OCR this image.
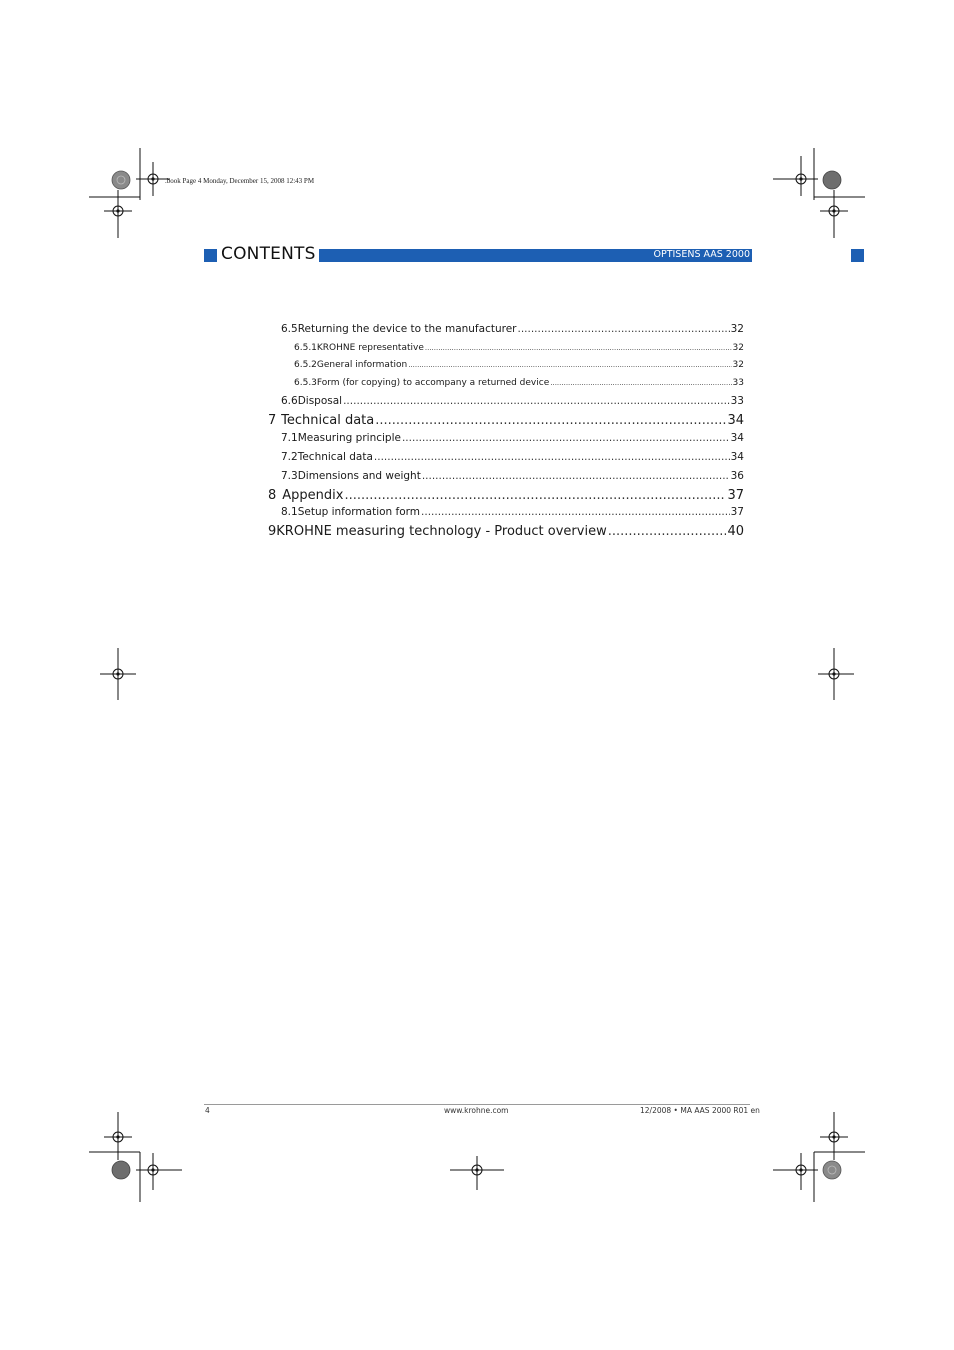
.book Page 4 Monday, December 15, 2008 12:43 PM
CONTENTS	OPTISENS AAS 2000
6.5 Returning the device to the manufacturer .....	32
6.5.1 KROHNE representative .....	32
6.5.2 General information .....	32
6.5.3 Form (for copying) to accompany a returned device .....	33
6.6 Disposal .....	33
7 Technical data .....	34
7.1 Measuring principle .....	34
7.2 Technical data .....	34
7.3 Dimensions and weight .....	36
8 Appendix .....	37
8.1 Setup information form .....	37
9 KROHNE measuring technology - Product overview .....	40
4	www.krohne.com	12/2008 • MA AAS 2000 R01 en
